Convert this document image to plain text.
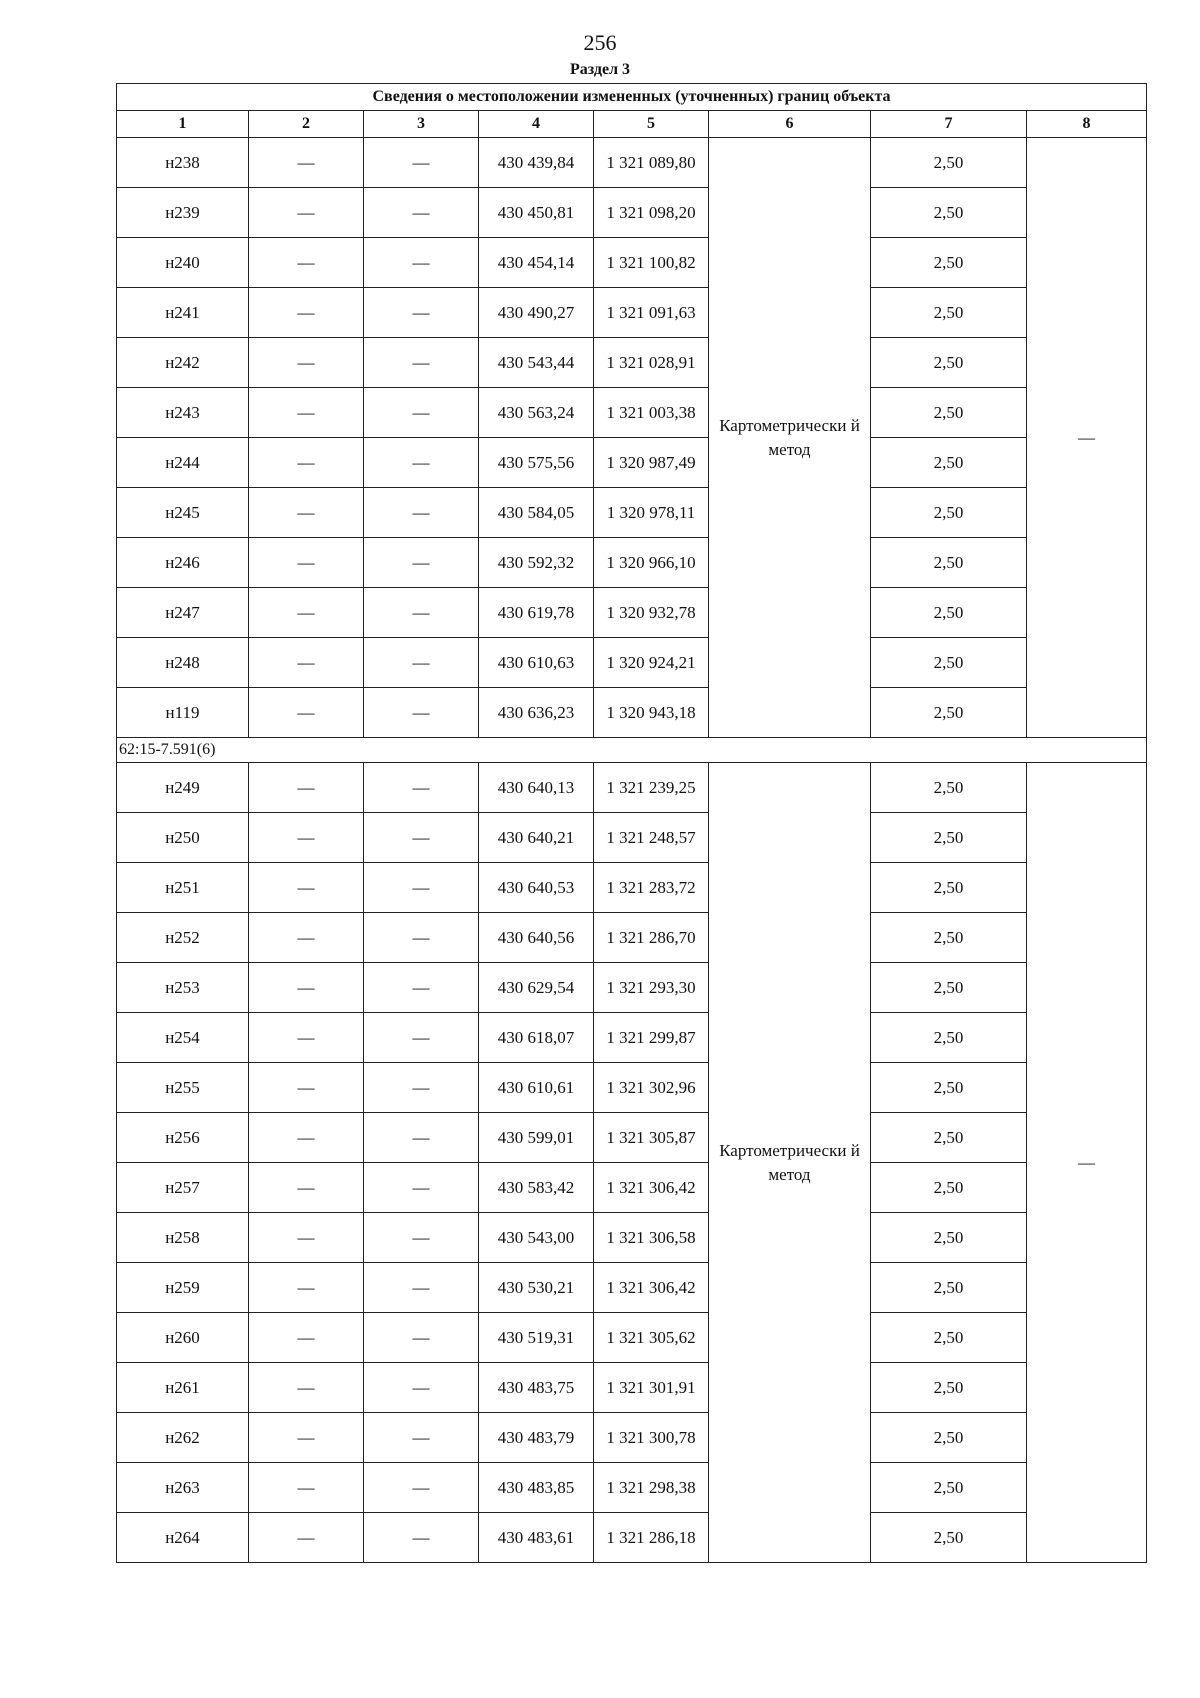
256
Раздел 3
Сведения о местоположении измененных (уточненных) границ объекта							
1	2	3	4	5	6	7	8
н238	—	—	430 439,84	1 321 089,80	Картометрически й метод	2,50	—
н239	—	—	430 450,81	1 321 098,20		2,50	
н240	—	—	430 454,14	1 321 100,82		2,50	
н241	—	—	430 490,27	1 321 091,63		2,50	
н242	—	—	430 543,44	1 321 028,91		2,50	
н243	—	—	430 563,24	1 321 003,38		2,50	
н244	—	—	430 575,56	1 320 987,49		2,50	
н245	—	—	430 584,05	1 320 978,11		2,50	
н246	—	—	430 592,32	1 320 966,10		2,50	
н247	—	—	430 619,78	1 320 932,78		2,50	
н248	—	—	430 610,63	1 320 924,21		2,50	
н119	—	—	430 636,23	1 320 943,18		2,50	
62:15-7.591(6)							
н249	—	—	430 640,13	1 321 239,25	Картометрически й метод	2,50	—
н250	—	—	430 640,21	1 321 248,57		2,50	
н251	—	—	430 640,53	1 321 283,72		2,50	
н252	—	—	430 640,56	1 321 286,70		2,50	
н253	—	—	430 629,54	1 321 293,30		2,50	
н254	—	—	430 618,07	1 321 299,87		2,50	
н255	—	—	430 610,61	1 321 302,96		2,50	
н256	—	—	430 599,01	1 321 305,87		2,50	
н257	—	—	430 583,42	1 321 306,42		2,50	
н258	—	—	430 543,00	1 321 306,58		2,50	
н259	—	—	430 530,21	1 321 306,42		2,50	
н260	—	—	430 519,31	1 321 305,62		2,50	
н261	—	—	430 483,75	1 321 301,91		2,50	
н262	—	—	430 483,79	1 321 300,78		2,50	
н263	—	—	430 483,85	1 321 298,38		2,50	
н264	—	—	430 483,61	1 321 286,18		2,50	
